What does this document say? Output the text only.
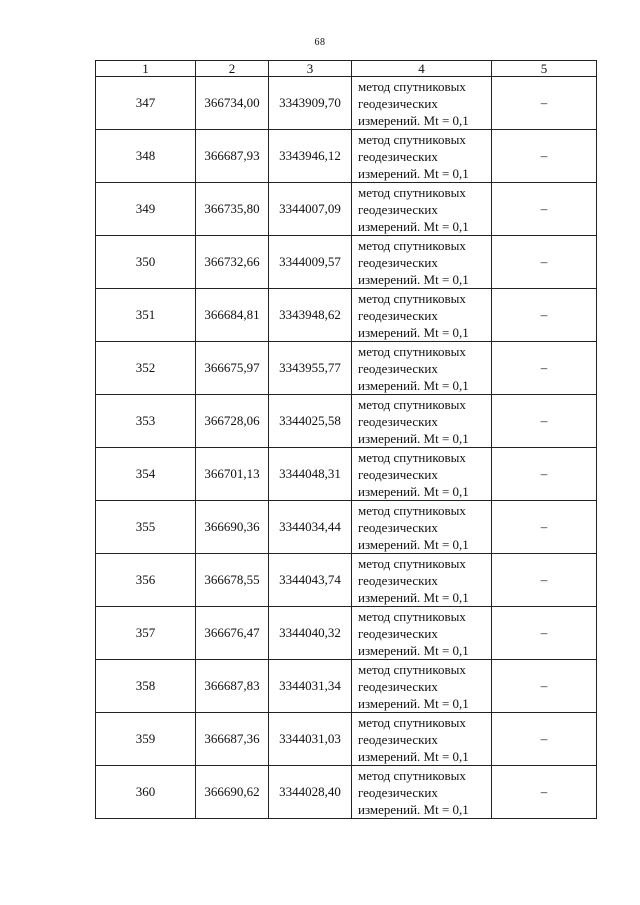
68
1	2	3	4	5
347	366734,00	3343909,70	метод спутниковых геодезических измерений. Mt = 0,1	–
348	366687,93	3343946,12	метод спутниковых геодезических измерений. Mt = 0,1	–
349	366735,80	3344007,09	метод спутниковых геодезических измерений. Mt = 0,1	–
350	366732,66	3344009,57	метод спутниковых геодезических измерений. Mt = 0,1	–
351	366684,81	3343948,62	метод спутниковых геодезических измерений. Mt = 0,1	–
352	366675,97	3343955,77	метод спутниковых геодезических измерений. Mt = 0,1	–
353	366728,06	3344025,58	метод спутниковых геодезических измерений. Mt = 0,1	–
354	366701,13	3344048,31	метод спутниковых геодезических измерений. Mt = 0,1	–
355	366690,36	3344034,44	метод спутниковых геодезических измерений. Mt = 0,1	–
356	366678,55	3344043,74	метод спутниковых геодезических измерений. Mt = 0,1	–
357	366676,47	3344040,32	метод спутниковых геодезических измерений. Mt = 0,1	–
358	366687,83	3344031,34	метод спутниковых геодезических измерений. Mt = 0,1	–
359	366687,36	3344031,03	метод спутниковых геодезических измерений. Mt = 0,1	–
360	366690,62	3344028,40	метод спутниковых геодезических измерений. Mt = 0,1	–
